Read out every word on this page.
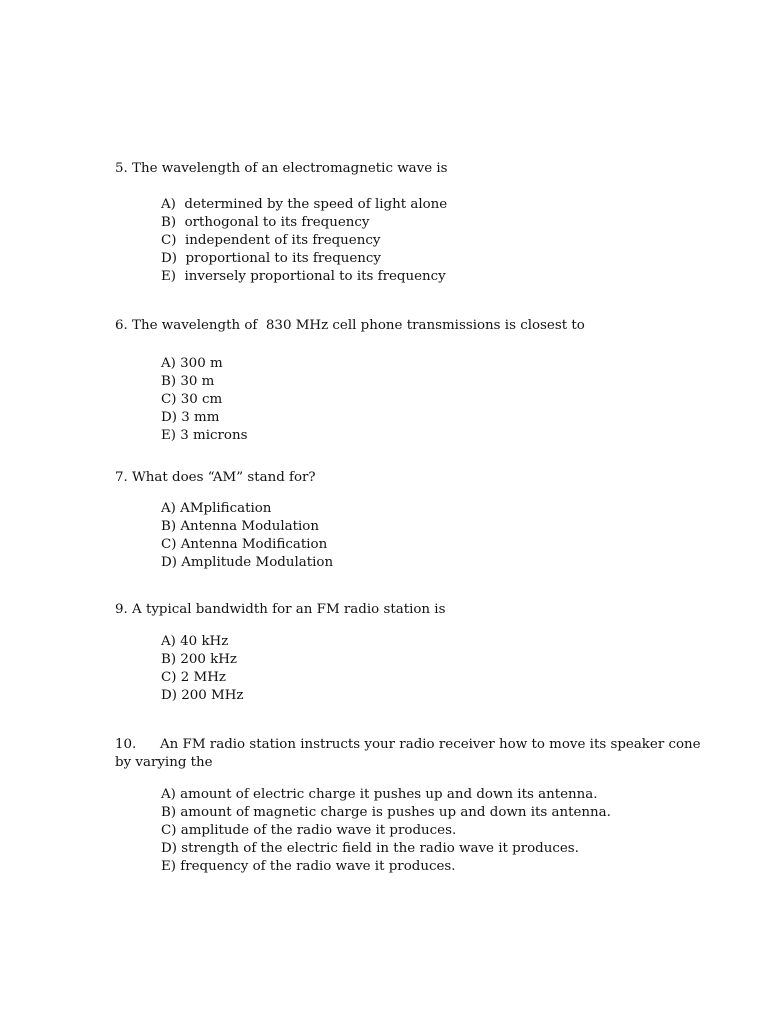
5. The wavelength of an electromagnetic wave is

A)  determined by the speed of light alone
B)  orthogonal to its frequency
C)  independent of its frequency
D)  proportional to its frequency
E)  inversely proportional to its frequency

6. The wavelength of  830 MHz cell phone transmissions is closest to

A) 300 m
B) 30 m
C) 30 cm
D) 3 mm
E) 3 microns

7. What does “AM” stand for?

A) AMplification
B) Antenna Modulation
C) Antenna Modification
D) Amplitude Modulation

9. A typical bandwidth for an FM radio station is

A) 40 kHz
B) 200 kHz
C) 2 MHz
D) 200 MHz

10. An FM radio station instructs your radio receiver how to move its speaker cone by varying the

A) amount of electric charge it pushes up and down its antenna.
B) amount of magnetic charge is pushes up and down its antenna.
C) amplitude of the radio wave it produces.
D) strength of the electric field in the radio wave it produces.
E) frequency of the radio wave it produces.
